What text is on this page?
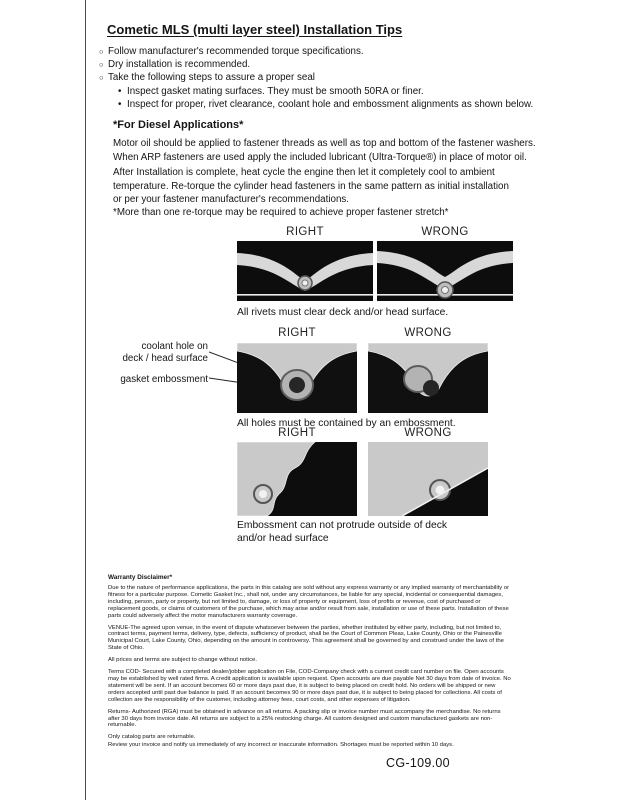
Cometic MLS (multi layer steel) Installation Tips
○ Follow manufacturer's recommended torque specifications.
○ Dry installation is recommended.
○ Take the following steps to assure a proper seal
• Inspect gasket mating surfaces. They must be smooth 50RA or finer.
• Inspect for proper, rivet clearance, coolant hole and embossment alignments as shown below.
*For Diesel Applications*
Motor oil should be applied to fastener threads as well as top and bottom of the fastener washers.
When ARP fasteners are used apply the included lubricant (Ultra-Torque®) in place of motor oil.
After Installation is complete, heat cycle the engine then let it completely cool to ambient
temperature. Re-torque the cylinder head fasteners in the same pattern as initial installation
or per your fastener manufacturer's recommendations.
*More than one re-torque may be required to achieve proper fastener stretch*
RIGHT	WRONG
All rivets must clear deck and/or head surface.
RIGHT	WRONG
coolant hole on
deck / head surface
gasket embossment
All holes must be contained by an embossment.
RIGHT	WRONG
Embossment can not protrude outside of deck
and/or head surface
Warranty Disclaimer*

Due to the nature of performance applications, the parts in this catalog are sold without any express warranty or any implied warranty of merchantability or fitness for a particular purpose. Cometic Gasket Inc., shall not, under any circumstances, be liable for any special, incidental or consequential damages, including, person, party or property, but not limited to, damage, or loss of property or equipment, loss of profits or revenue, cost of purchased or replacement goods, or claims of customers of the purchase, which may arise and/or result from sale, installation or use of these parts. Installation of these parts could adversely affect the motor manufacturers warranty coverage.

VENUE-The agreed upon venue, in the event of dispute whatsoever between the parties, whether instituted by either party, including, but not limited to, contract terms, payment terms, delivery, type, defects, sufficiency of product, shall be the Court of Common Pleas, Lake County, Ohio or the Painesville Municipal Court, Lake County, Ohio, depending on the amount in controversy. This agreement shall be governed by and construed under the laws of the State of Ohio.

All prices and terms are subject to change without notice.

Terms COD- Secured with a completed dealer/jobber application on File, COD-Company check with a current credit card number on file. Open accounts may be established by well rated firms. A credit application is available upon request. Open accounts are due payable Net 30 days from date of invoice. No statement will be sent. If an account becomes 60 or more days past due, it is subject to being placed on credit hold. No orders will be shipped or new orders accepted until past due balance is paid. If an account becomes 90 or more days past due, it is subject to being placed for collections. All costs of collection are the responsibility of the customer, including attorney fees, court costs, and other expenses of litigation.

Returns- Authorized (RGA) must be obtained in advance on all returns. A packing slip or invoice number must accompany the merchandise. No returns after 30 days from invoice date. All returns are subject to a 25% restocking charge. All custom designed and custom manufactured gaskets are non-returnable.

Only catalog parts are returnable.

Review your invoice and notify us immediately of any incorrect or inaccurate information. Shortages must be reported within 10 days.

CG-109.00
